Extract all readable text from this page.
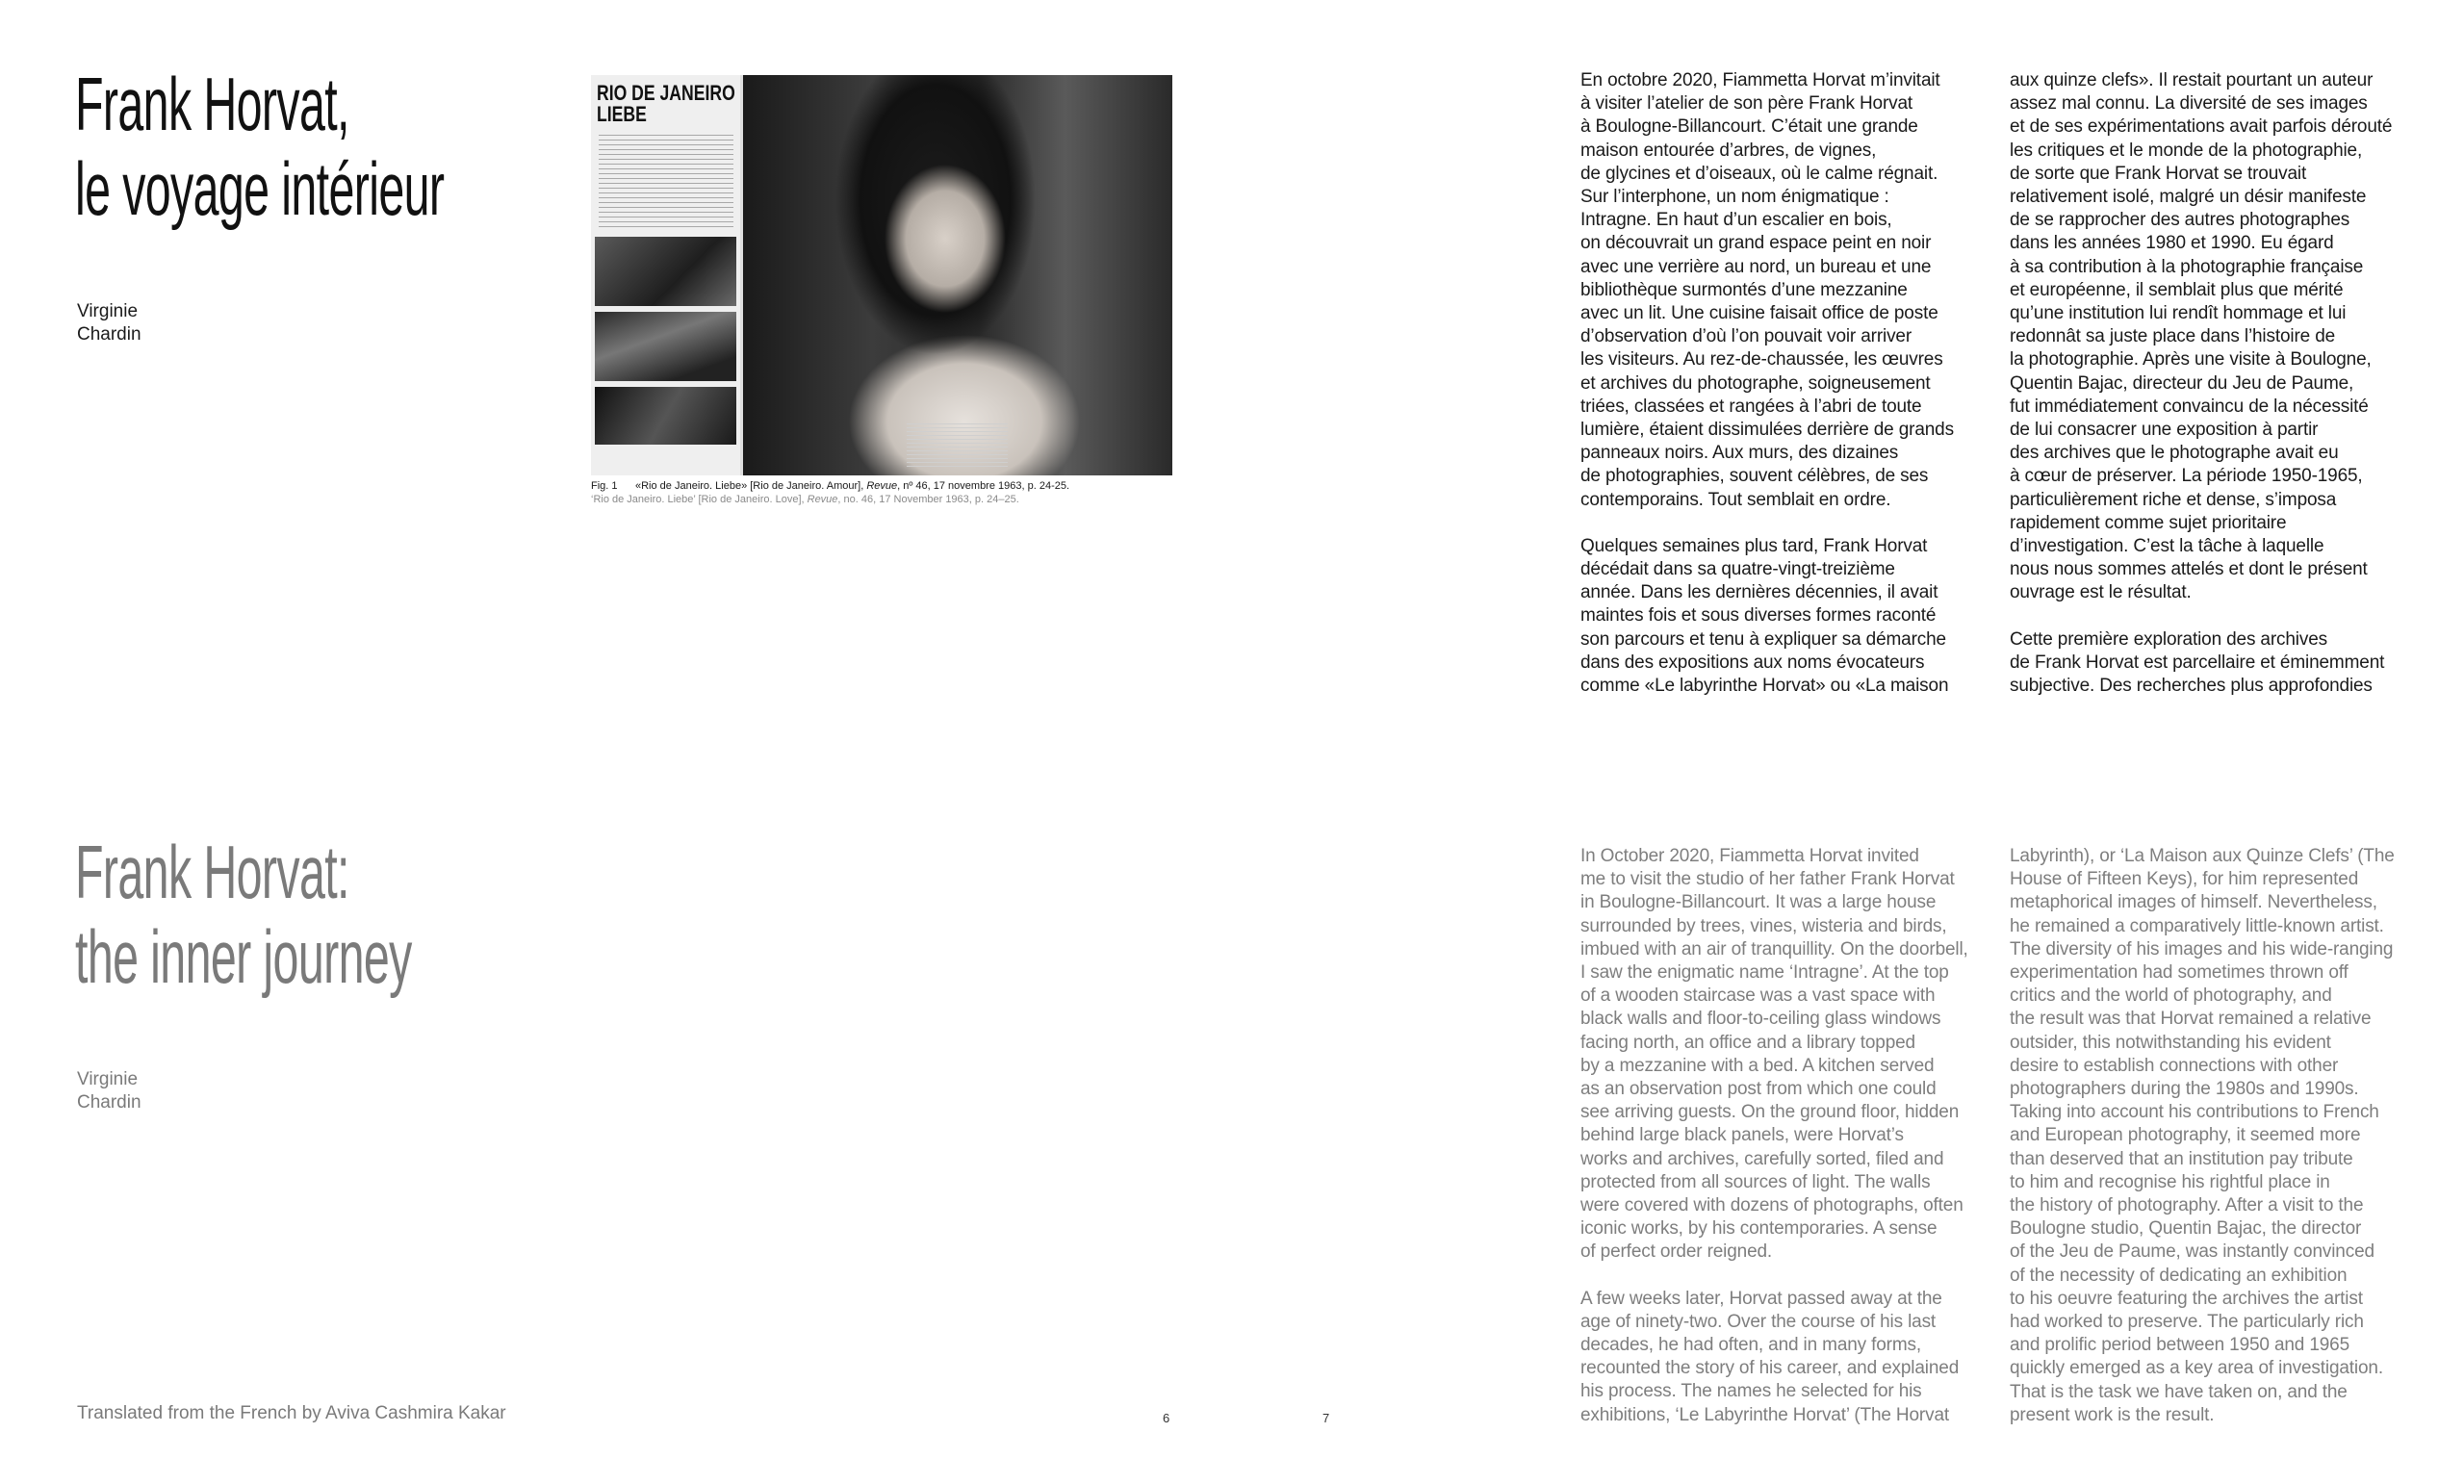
Frank Horvat,
le voyage intérieur

Virginie
Chardin

Frank Horvat:
the inner journey

Virginie
Chardin

RIO DE JANEIRO
LIEBE

Fig. 1 «Rio de Janeiro. Liebe» [Rio de Janeiro. Amour], Revue, nº 46, 17 novembre 1963, p. 24-25.
‘Rio de Janeiro. Liebe’ [Rio de Janeiro. Love], Revue, no. 46, 17 November 1963, p. 24–25.

En octobre 2020, Fiammetta Horvat m’invitait
à visiter l’atelier de son père Frank Horvat
à Boulogne-Billancourt. C’était une grande
maison entourée d’arbres, de vignes,
de glycines et d’oiseaux, où le calme régnait.
Sur l’interphone, un nom énigmatique :
Intragne. En haut d’un escalier en bois,
on découvrait un grand espace peint en noir
avec une verrière au nord, un bureau et une
bibliothèque surmontés d’une mezzanine
avec un lit. Une cuisine faisait office de poste
d’observation d’où l’on pouvait voir arriver
les visiteurs. Au rez-de-chaussée, les œuvres
et archives du photographe, soigneusement
triées, classées et rangées à l’abri de toute
lumière, étaient dissimulées derrière de grands
panneaux noirs. Aux murs, des dizaines
de photographies, souvent célèbres, de ses
contemporains. Tout semblait en ordre.

Quelques semaines plus tard, Frank Horvat
décédait dans sa quatre-vingt-treizième
année. Dans les dernières décennies, il avait
maintes fois et sous diverses formes raconté
son parcours et tenu à expliquer sa démarche
dans des expositions aux noms évocateurs
comme «Le labyrinthe Horvat» ou «La maison

aux quinze clefs». Il restait pourtant un auteur
assez mal connu. La diversité de ses images
et de ses expérimentations avait parfois dérouté
les critiques et le monde de la photographie,
de sorte que Frank Horvat se trouvait
relativement isolé, malgré un désir manifeste
de se rapprocher des autres photographes
dans les années 1980 et 1990. Eu égard
à sa contribution à la photographie française
et européenne, il semblait plus que mérité
qu’une institution lui rendît hommage et lui
redonnât sa juste place dans l’histoire de
la photographie. Après une visite à Boulogne,
Quentin Bajac, directeur du Jeu de Paume,
fut immédiatement convaincu de la nécessité
de lui consacrer une exposition à partir
des archives que le photographe avait eu
à cœur de préserver. La période 1950-1965,
particulièrement riche et dense, s’imposa
rapidement comme sujet prioritaire
d’investigation. C’est la tâche à laquelle
nous nous sommes attelés et dont le présent
ouvrage est le résultat.

Cette première exploration des archives
de Frank Horvat est parcellaire et éminemment
subjective. Des recherches plus approfondies

In October 2020, Fiammetta Horvat invited
me to visit the studio of her father Frank Horvat
in Boulogne-Billancourt. It was a large house
surrounded by trees, vines, wisteria and birds,
imbued with an air of tranquillity. On the doorbell,
I saw the enigmatic name ‘Intragne’. At the top
of a wooden staircase was a vast space with
black walls and floor-to-ceiling glass windows
facing north, an office and a library topped
by a mezzanine with a bed. A kitchen served
as an observation post from which one could
see arriving guests. On the ground floor, hidden
behind large black panels, were Horvat’s
works and archives, carefully sorted, filed and
protected from all sources of light. The walls
were covered with dozens of photographs, often
iconic works, by his contemporaries. A sense
of perfect order reigned.

A few weeks later, Horvat passed away at the
age of ninety-two. Over the course of his last
decades, he had often, and in many forms,
recounted the story of his career, and explained
his process. The names he selected for his
exhibitions, ‘Le Labyrinthe Horvat’ (The Horvat

Labyrinth), or ‘La Maison aux Quinze Clefs’ (The
House of Fifteen Keys), for him represented
metaphorical images of himself. Nevertheless,
he remained a comparatively little-known artist.
The diversity of his images and his wide-ranging
experimentation had sometimes thrown off
critics and the world of photography, and
the result was that Horvat remained a relative
outsider, this notwithstanding his evident
desire to establish connections with other
photographers during the 1980s and 1990s.
Taking into account his contributions to French
and European photography, it seemed more
than deserved that an institution pay tribute
to him and recognise his rightful place in
the history of photography. After a visit to the
Boulogne studio, Quentin Bajac, the director
of the Jeu de Paume, was instantly convinced
of the necessity of dedicating an exhibition
to his oeuvre featuring the archives the artist
had worked to preserve. The particularly rich
and prolific period between 1950 and 1965
quickly emerged as a key area of investigation.
That is the task we have taken on, and the
present work is the result.

Translated from the French by Aviva Cashmira Kakar	6	7
